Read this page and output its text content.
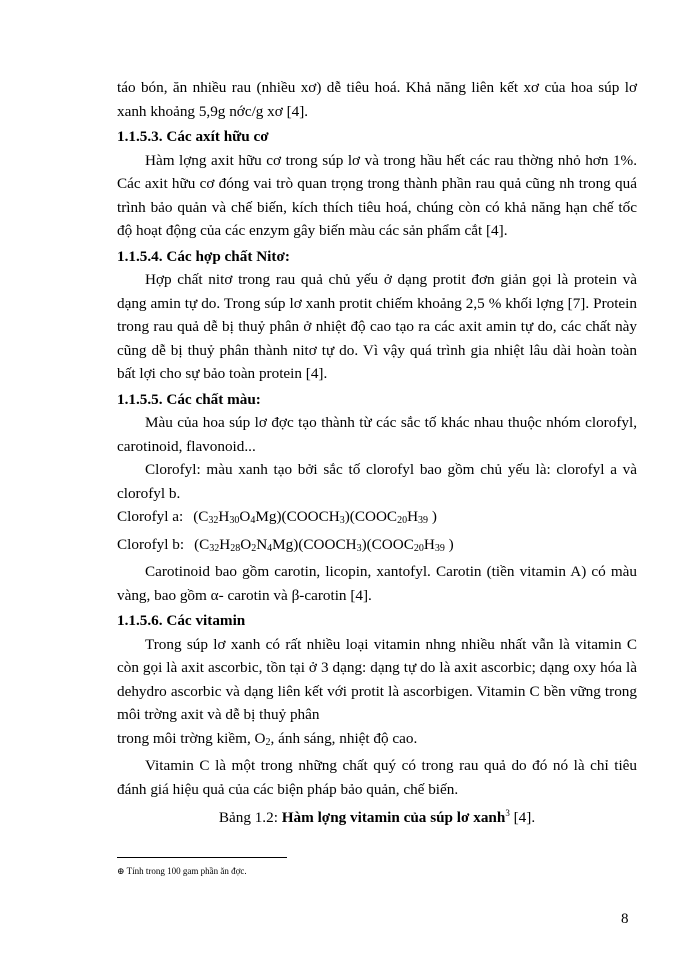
táo bón, ăn nhiều rau (nhiều xơ) dễ tiêu hoá. Khả năng liên kết xơ của hoa súp lơ xanh khoảng 5,9g nớc/g xơ [4].

1.1.5.3. Các axít hữu cơ

Hàm lợng axit hữu cơ trong súp lơ và trong hầu hết các rau thờng nhỏ hơn 1%. Các axit hữu cơ đóng vai trò quan trọng trong thành phần rau quả cũng nh trong quá trình bảo quản và chế biến, kích thích tiêu hoá, chúng còn có khả năng hạn chế tốc độ hoạt động của các enzym gây biến màu các sản phẩm cắt [4].

1.1.5.4. Các hợp chất Nitơ:

Hợp chất nitơ trong rau quả chủ yếu ở dạng protit đơn giản gọi là protein và dạng amin tự do. Trong súp lơ xanh protit chiếm khoảng 2,5 % khối lợng [7]. Protein trong rau quả dễ bị thuỷ phân ở nhiệt độ cao tạo ra các axit amin tự do, các chất này cũng dễ bị thuỷ phân thành nitơ tự do. Vì vậy quá trình gia nhiệt lâu dài hoàn toàn bất lợi cho sự bảo toàn protein [4].

1.1.5.5. Các chất màu:

Màu của hoa súp lơ đợc tạo thành từ các sắc tố khác nhau thuộc nhóm clorofyl, carotinoid, flavonoid...

Clorofyl: màu xanh tạo bởi sắc tố clorofyl bao gồm chủ yếu là: clorofyl a và clorofyl b.

Clorofyl a: $(C_{32}H_{30}O_4Mg)(COOCH_3)(COOC_{20}H_{39}$ )

Clorofyl b: $(C_{32}H_{28}O_2N_4Mg)(COOCH_3)(COOC_{20}H_{39}$ )

Carotinoid bao gồm carotin, licopin, xantofyl. Carotin (tiền vitamin A) có màu vàng, bao gồm α- carotin và β-carotin [4].

1.1.5.6. Các vitamin

Trong súp lơ xanh có rất nhiều loại vitamin nhng nhiều nhất vẫn là vitamin C còn gọi là axit ascorbic, tồn tại ở 3 dạng: dạng tự do là axit ascorbic; dạng oxy hóa là dehydro ascorbic và dạng liên kết với protit là ascorbigen. Vitamin C bền vững trong môi trờng axit và dễ bị thuỷ phân

trong môi trờng kiềm, $O_2$, ánh sáng, nhiệt độ cao.

Vitamin C là một trong những chất quý có trong rau quả do đó nó là chỉ tiêu đánh giá hiệu quả của các biện pháp bảo quản, chế biến.

Bảng 1.2: Hàm lợng vitamin của súp lơ xanh$^3$ [4].

⊕ Tính trong 100 gam phần ăn đợc.
8
